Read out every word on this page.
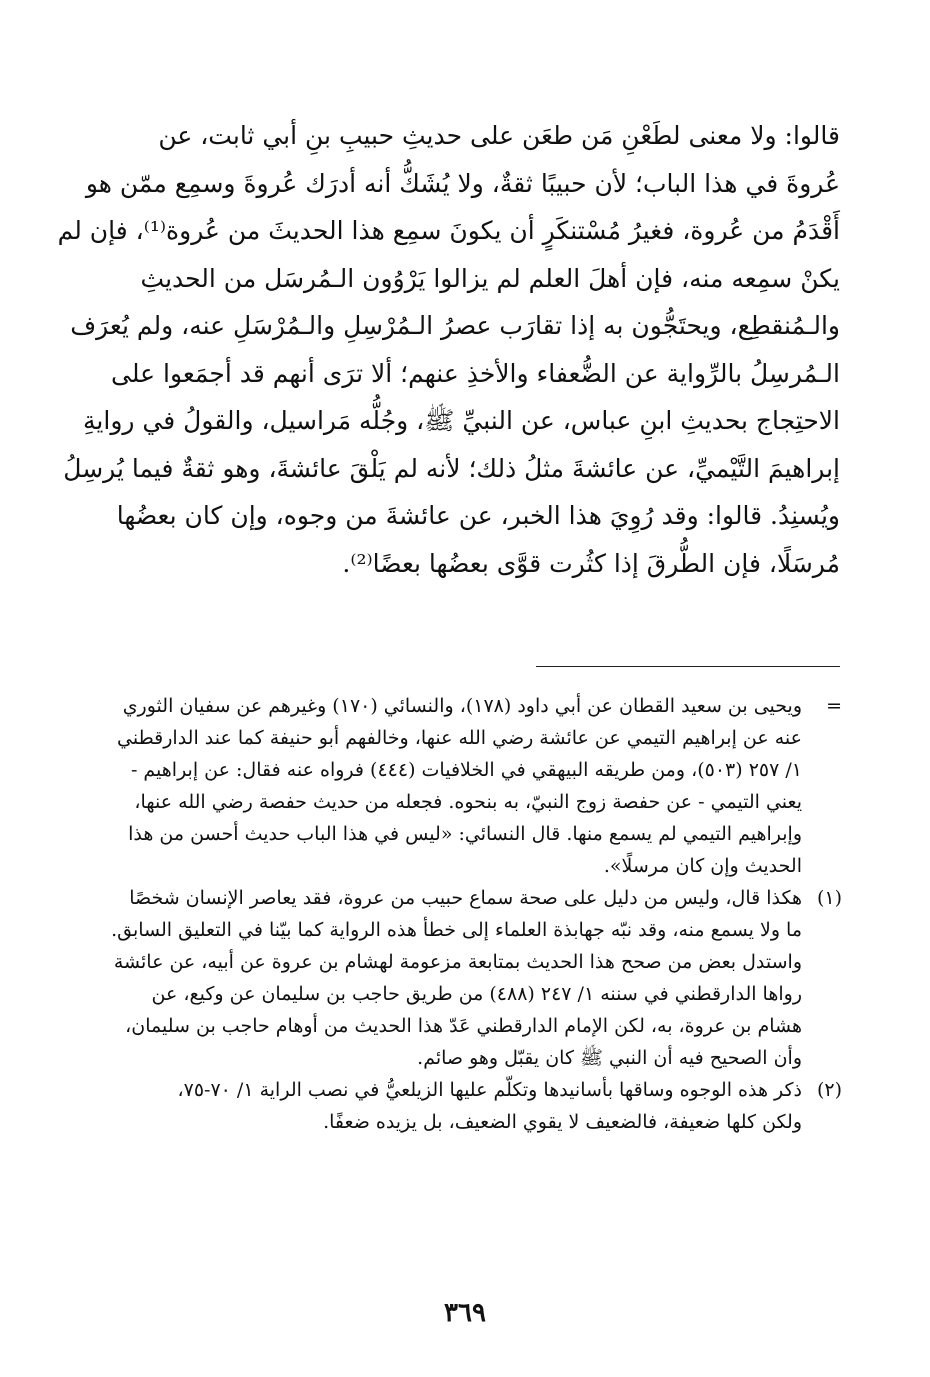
قالوا: ولا معنى لطَعْنِ مَن طعَن على حديثِ حبيبِ بنِ أبي ثابت، عن
عُروةَ في هذا الباب؛ لأن حبيبًا ثقةٌ، ولا يُشَكُّ أنه أدرَك عُروةَ وسمِع ممّن هو
أَقْدَمُ من عُروة، فغيرُ مُسْتنكَرٍ أن يكونَ سمِع هذا الحديثَ من عُروة⁽¹⁾، فإن لم
يكنْ سمِعه منه، فإن أهلَ العلم لم يزالوا يَرْوُون الـمُرسَل من الحديثِ
والـمُنقطِع، ويحتَجُّون به إذا تقارَب عصرُ الـمُرْسِلِ والـمُرْسَلِ عنه، ولم يُعرَف
الـمُرسِلُ بالرِّواية عن الضُّعفاء والأخذِ عنهم؛ ألا ترَى أنهم قد أجمَعوا على
الاحتِجاج بحديثِ ابنِ عباس، عن النبيِّ ﷺ، وجُلُّه مَراسيل، والقولُ في روايةِ
إبراهيمَ التَّيْميِّ، عن عائشةَ مثلُ ذلك؛ لأنه لم يَلْقَ عائشةَ، وهو ثقةٌ فيما يُرسِلُ
ويُسنِدُ. قالوا: وقد رُوِيَ هذا الخبر، عن عائشةَ من وجوه، وإن كان بعضُها
مُرسَلًا، فإن الطُّرقَ إذا كثُرت قوَّى بعضُها بعضًا⁽²⁾.
=ويحيى بن سعيد القطان عن أبي داود (١٧٨)، والنسائي (١٧٠) وغيرهم عن سفيان الثوري
عنه عن إبراهيم التيمي عن عائشة رضي الله عنها، وخالفهم أبو حنيفة كما عند الدارقطني
١/ ٢٥٧ (٥٠٣)، ومن طريقه البيهقي في الخلافيات (٤٤٤) فرواه عنه فقال: عن إبراهيم -
يعني التيمي - عن حفصة زوج النبيّ، به بنحوه. فجعله من حديث حفصة رضي الله عنها،
وإبراهيم التيمي لم يسمع منها. قال النسائي: «ليس في هذا الباب حديث أحسن من هذا
الحديث وإن كان مرسلًا».
(١)هكذا قال، وليس من دليل على صحة سماع حبيب من عروة، فقد يعاصر الإنسان شخصًا
ما ولا يسمع منه، وقد نبّه جهابذة العلماء إلى خطأ هذه الرواية كما بيّنا في التعليق السابق.
واستدل بعض من صحح هذا الحديث بمتابعة مزعومة لهشام بن عروة عن أبيه، عن عائشة
رواها الدارقطني في سننه ١/ ٢٤٧ (٤٨٨) من طريق حاجب بن سليمان عن وكيع، عن
هشام بن عروة، به، لكن الإمام الدارقطني عَدّ هذا الحديث من أوهام حاجب بن سليمان،
وأن الصحيح فيه أن النبي ﷺ كان يقبّل وهو صائم.
(٢)ذكر هذه الوجوه وساقها بأسانيدها وتكلّم عليها الزيلعيُّ في نصب الراية ١/ ٧٠-٧٥،
ولكن كلها ضعيفة، فالضعيف لا يقوي الضعيف، بل يزيده ضعفًا.
٣٦٩
